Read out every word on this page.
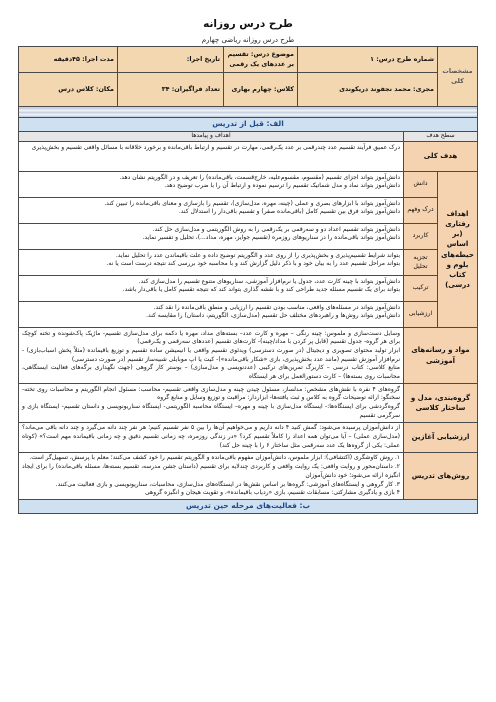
طرح درس روزانه
طرح درس روزانه ریاضی چهارم
مشخصات کلی	شماره طرح درس: ۱		موضوع درس: تقسیم بر عددهای یک رقمی	تاریخ اجرا:	مدت اجرا: ۴۵دقیقه
	مجری: محمد نجفوند دریکوندی		کلاس: چهارم بهاری	تعداد فراگیران: ۳۴	مکان: کلاس درس

الف: قبل از تدریس					
سطح هدف		اهداف و پیامدها			
هدف کلی		درک عمیق فرآیند تقسیم عدد چندرقمی بر عدد یک‌رقمی، مهارت در تقسیم و ارتباط باقی‌مانده و برخورد خلاقانه با مسائل واقعی تقسیم و بخش‌پذیری			
اهداف رفتاری (بر اساس حیطه‌های بلوم و کتاب درسی)	دانش	دانش‌آموز بتواند اجزای تقسیم (مقسوم، مقسوم‌علیه، خارج‌قسمت، باقی‌مانده) را تعریف و در الگوریتم نشان دهد.
دانش‌آموز بتواند نماد و مدل شماتیک تقسیم را ترسیم نموده و ارتباط آن را با ضرب توضیح دهد.			

	درک وفهم	دانش‌آموز بتواند با ابزارهای بصری و عملی (چینه، مهره، مدل‌سازی)، تقسیم را بازسازی و معنای باقی‌مانده را تبیین کند.
دانش‌آموز بتواند فرق بین تقسیم کامل (باقی‌مانده صفر) و تقسیم باقی‌دار را استدلال کند.			

	کاربرد	دانش‌آموز بتواند تقسیم اعداد دو و سه‌رقمی بر یک‌رقمی را به روش الگوریتمی و مدل‌سازی حل کند.
دانش‌آموز بتواند باقی‌مانده را در سناریوهای روزمره (تقسیم جوایز، مهره، مداد...)، تحلیل و تفسیر نماید.			

	تجزیه تحلیل	بتواند شرایط تقسیم‌پذیری و بخش‌پذیری را از روی عدد و الگوریتم توضیح داده و علت باقیماندن عدد را تحلیل نماید.
بتواند مراحل تقسیم عدد را به بیان خود و با ذکر دلیل گزارش کند و با محاسبه خود بررسی کند نتیجه درست است یا نه.			

	ترکیب	دانش‌آموز بتواند با چینه کارت عدد، جدول یا نرم‌افزار آموزشی، سناریوهای متنوع تقسیم را مدل‌سازی کند.
بتواند برای یک تقسیم مسئله جدید طراحی کند و با نقشه گذاری بتواند کند که نتیجه تقسیم کامل یا باقی‌دار باشد.			

	ارزشیابی	دانش‌آموز بتواند در مسئله‌های واقعی، مناسب بودن تقسیم را ارزیابی و منطق باقی‌مانده را نقد کند.
دانش‌آموز بتواند روش‌ها و راهبردهای مختلف حل تقسیم (مدل‌سازی، الگوریتم، داستان) را مقایسه کند.			

مواد و رسانه‌های آموزشی		وسایل دست‌سازی و ملموس: چینه رنگی – مهره و کارت عدد– بسته‌های مداد، مهره یا دکمه برای مدل‌سازی تقسیم- ماژیک پاک‌شونده و تخته کوچک برای هر گروه- جدول تقسیم (قابل پر کردن با مداد/چینه)- کارت‌های تقسیم (عددهای سه‌رقمی و یک‌رقمی)
ابزار تولید محتوای تصویری و دیجیتال (در صورت دسترسی) ویدئوی تقسیم واقعی یا انیمیشن ساده تقسیم و توزیع باقیمانده (مثلاً پخش اسباب‌بازی) - نرم‌افزار آموزش تقسیم (مانند عدد بخش‌پذیری، بازی «شکار باقی‌مانده»)- کیت یا اپ موبایلی شبیه‌ساز تقسیم (در صورت دسترسی)
منابع کلاسی: کتاب درسی – کاربرگ تمرین‌های ترکیبی (عددنویسی و مدل‌سازی) – بوستر کار گروهی (جهت نگهداری برگه‌های فعالیت ایستگاهی، محاسبات روی بسته‌ها) – کارت دستورالعمل برای هر ایستگاه			

گروه‌بندی، مدل و ساختار کلاسی		گروه‌های ۴ نفره با نقش‌های مشخص: مدلساز، مسئول چیدن چینه و مدل‌سازی واقعی تقسیم- محاسب: مسئول انجام الگوریتم و محاسبات روی تخته- سخنگو: ارائه توضیحات گروه به کلاس و ثبت یافته‌ها- ابزاردار: مراقبت و توزیع وسایل و منابع گروه
گروه‌گردشی برای ایستگاه‌ها:- ایستگاه مدل‌سازی با چینه و مهره– ایستگاه محاسبه الگوریتمی- ایستگاه سناریونویسی و داستان تقسیم- ایستگاه بازی و سرگرمی تقسیم			

ارزشیابی آغازین		از دانش‌آموزان پرسیده می‌شود: گمش کنید ۴ دانه داریم و می‌خواهیم آن‌ها را بین ۵ نفر تقسیم کنیم؛ هر نفر چند دانه می‌گیرد و چند دانه باقی می‌ماند؟ (مدل‌سازی عملی) – آیا می‌توان همه اعداد را کاملاً تقسیم کرد؟ «در زندگی روزمره، چه زمانی تقسیم دقیق و چه زمانی باقیمانده مهم است؟» (کوتاه عملی: یکی از گروه‌ها یک عدد سه‌رقمی مثل ساختار ۶ را با چینه حل کند)			
روش‌های تدریس		۱. روش کاوشگری (اکتشافی): ابزار ملموس، دانش‌آموزان مفهوم باقی‌مانده و الگوریتم تقسیم را خود کشف می‌کنند؛ معلم با پرسش، تسهیل‌گر است.
۲. داستان‌محور و روایت واقعی: یک روایت واقعی و کاربردی چندلایه برای تقسیم (داستان جشن مدرسه، تقسیم بسته‌ها، مسئله باقی‌مانده) را برای ایجاد انگیزه ارائه می‌شود؛ خود دانش‌آموزان
۳. کار گروهی و ایستگاه‌های آموزشی: گروه‌ها بر اساس نقش‌ها در ایستگاه‌های مدل‌سازی، محاسبات، سناریونویسی و بازی فعالیت می‌کنند.
۴ بازی و یادگیری مشارکتی: مسابقات تقسیم، بازی «رد‌یاب باقیمانده»، و تقویت هیجان و انگیزه گروهی			

ب: فعالیت‌های مرحله حین تدریس					
